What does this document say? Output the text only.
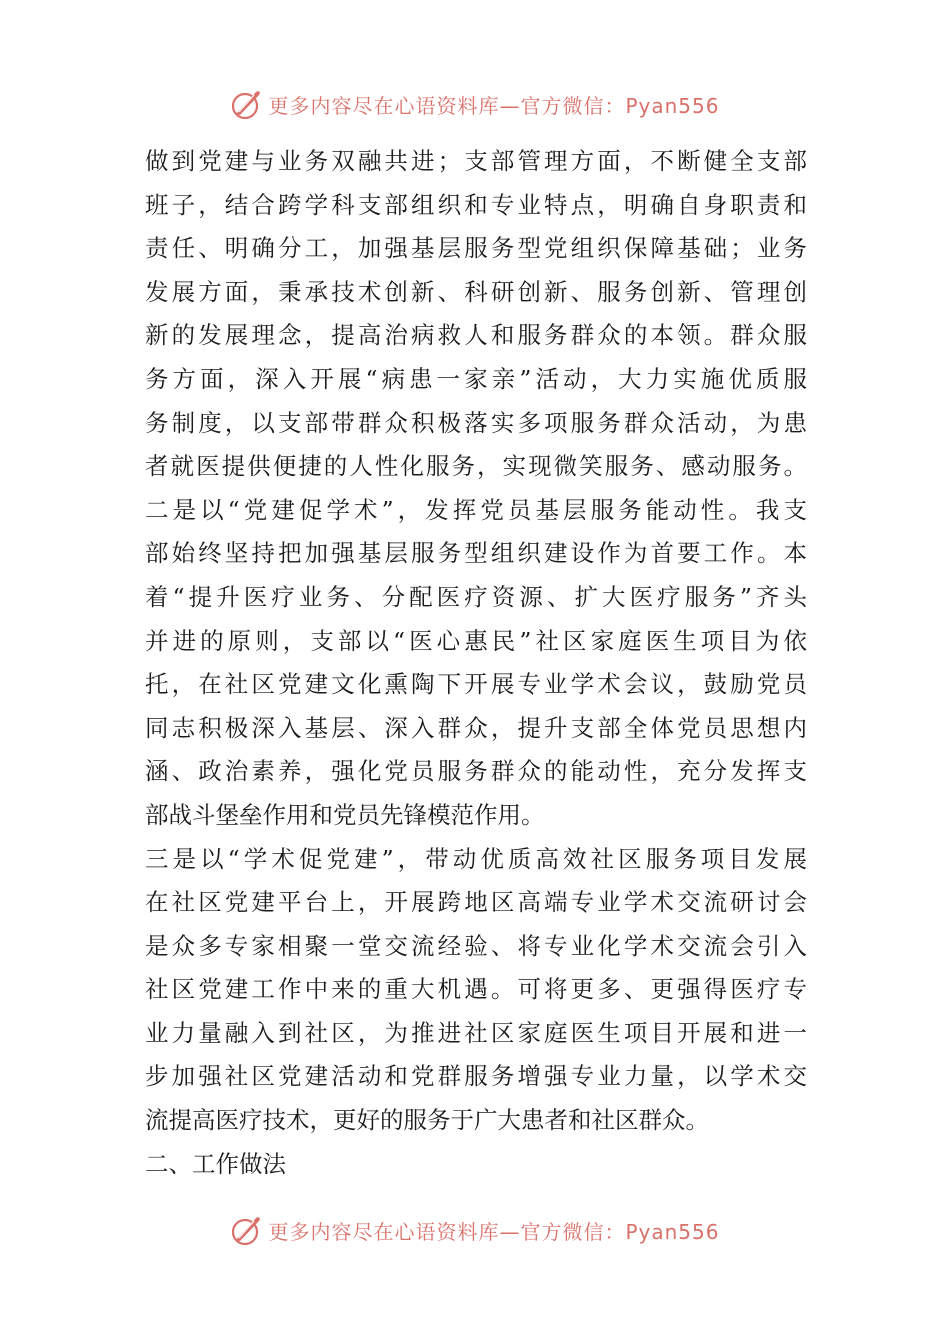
更多内容尽在心语资料库—官方微信：Pyan556
做到党建与业务双融共进；支部管理方面，不断健全支部
班子，结合跨学科支部组织和专业特点，明确自身职责和
责任、明确分工，加强基层服务型党组织保障基础；业务
发展方面，秉承技术创新、科研创新、服务创新、管理创
新的发展理念，提高治病救人和服务群众的本领。群众服
务方面，深入开展“病患一家亲”活动，大力实施优质服
务制度，以支部带群众积极落实多项服务群众活动，为患
者就医提供便捷的人性化服务，实现微笑服务、感动服务。
二是以“党建促学术”，发挥党员基层服务能动性。我支
部始终坚持把加强基层服务型组织建设作为首要工作。本
着“提升医疗业务、分配医疗资源、扩大医疗服务”齐头
并进的原则，支部以“医心惠民”社区家庭医生项目为依
托，在社区党建文化熏陶下开展专业学术会议，鼓励党员
同志积极深入基层、深入群众，提升支部全体党员思想内
涵、政治素养，强化党员服务群众的能动性，充分发挥支
部战斗堡垒作用和党员先锋模范作用。
三是以“学术促党建”，带动优质高效社区服务项目发展
在社区党建平台上，开展跨地区高端专业学术交流研讨会
是众多专家相聚一堂交流经验、将专业化学术交流会引入
社区党建工作中来的重大机遇。可将更多、更强得医疗专
业力量融入到社区，为推进社区家庭医生项目开展和进一
步加强社区党建活动和党群服务增强专业力量，以学术交
流提高医疗技术，更好的服务于广大患者和社区群众。
二、工作做法
更多内容尽在心语资料库—官方微信：Pyan556
